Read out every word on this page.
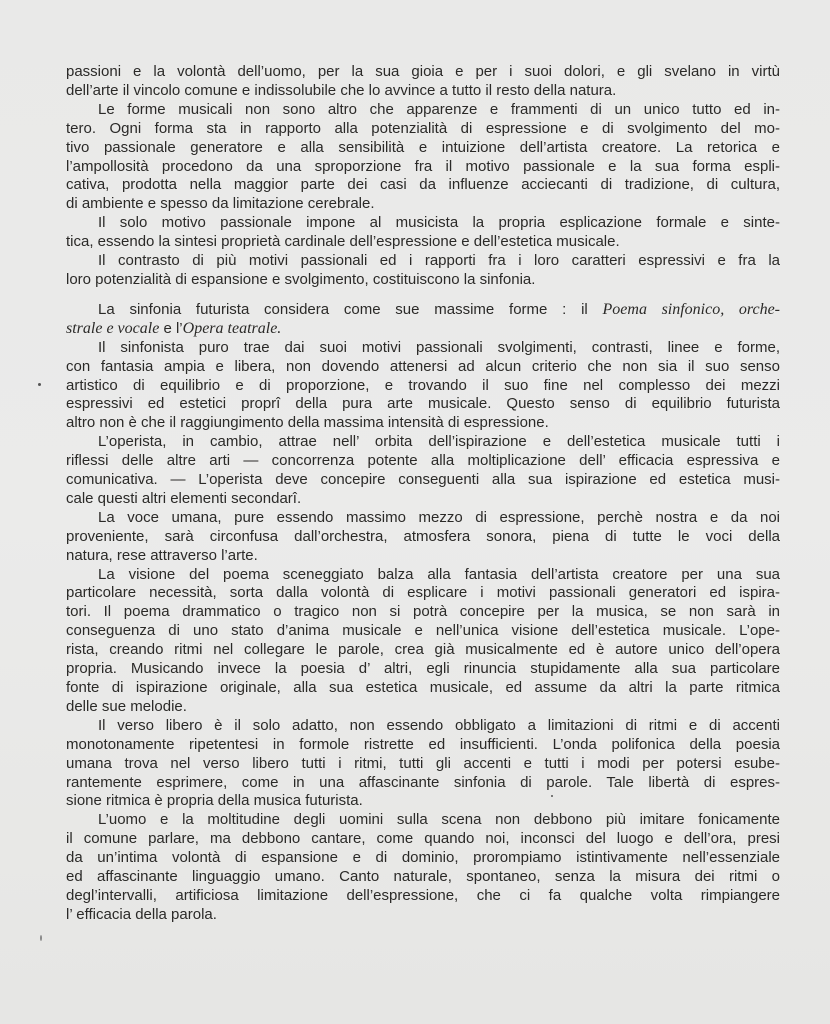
passioni e la volontà dell’uomo, per la sua gioia e per i suoi dolori, e gli svelano in virtù
dell’arte il vincolo comune e indissolubile che lo avvince a tutto il resto della natura.
Le forme musicali non sono altro che apparenze e frammenti di un unico tutto ed in-
tero. Ogni forma sta in rapporto alla potenzialità di espressione e di svolgimento del mo-
tivo passionale generatore e alla sensibilità e intuizione dell’artista creatore. La retorica e
l’ampollosità procedono da una sproporzione fra il motivo passionale e la sua forma espli-
cativa, prodotta nella maggior parte dei casi da influenze acciecanti di tradizione, di cultura,
di ambiente e spesso da limitazione cerebrale.
Il solo motivo passionale impone al musicista la propria esplicazione formale e sinte-
tica, essendo la sintesi proprietà cardinale dell’espressione e dell’estetica musicale.
Il contrasto di più motivi passionali ed i rapporti fra i loro caratteri espressivi e fra la
loro potenzialità di espansione e svolgimento, costituiscono la sinfonia.
La sinfonia futurista considera come sue massime forme : il Poema sinfonico, orche-
strale e vocale e l’Opera teatrale.
Il sinfonista puro trae dai suoi motivi passionali svolgimenti, contrasti, linee e forme,
con fantasia ampia e libera, non dovendo attenersi ad alcun criterio che non sia il suo senso
artistico di equilibrio e di proporzione, e trovando il suo fine nel complesso dei mezzi
espressivi ed estetici proprî della pura arte musicale. Questo senso di equilibrio futurista
altro non è che il raggiungimento della massima intensità di espressione.
L’operista, in cambio, attrae nell’ orbita dell’ispirazione e dell’estetica musicale tutti i
riflessi delle altre arti — concorrenza potente alla moltiplicazione dell’ efficacia espressiva e
comunicativa. — L’operista deve concepire conseguenti alla sua ispirazione ed estetica musi-
cale questi altri elementi secondarî.
La voce umana, pure essendo massimo mezzo di espressione, perchè nostra e da noi
proveniente, sarà circonfusa dall’orchestra, atmosfera sonora, piena di tutte le voci della
natura, rese attraverso l’arte.
La visione del poema sceneggiato balza alla fantasia dell’artista creatore per una sua
particolare necessità, sorta dalla volontà di esplicare i motivi passionali generatori ed ispira-
tori. Il poema drammatico o tragico non si potrà concepire per la musica, se non sarà in
conseguenza di uno stato d’anima musicale e nell’unica visione dell’estetica musicale. L’ope-
rista, creando ritmi nel collegare le parole, crea già musicalmente ed è autore unico dell’opera
propria. Musicando invece la poesia d’ altri, egli rinuncia stupidamente alla sua particolare
fonte di ispirazione originale, alla sua estetica musicale, ed assume da altri la parte ritmica
delle sue melodie.
Il verso libero è il solo adatto, non essendo obbligato a limitazioni di ritmi e di accenti
monotonamente ripetentesi in formole ristrette ed insufficienti. L’onda polifonica della poesia
umana trova nel verso libero tutti i ritmi, tutti gli accenti e tutti i modi per potersi esube-
rantemente esprimere, come in una affascinante sinfonia di parole. Tale libertà di espres-
sione ritmica è propria della musica futurista.
L’uomo e la moltitudine degli uomini sulla scena non debbono più imitare fonicamente
il comune parlare, ma debbono cantare, come quando noi, inconsci del luogo e dell’ora, presi
da un’intima volontà di espansione e di dominio, prorompiamo istintivamente nell’essenziale
ed affascinante linguaggio umano. Canto naturale, spontaneo, senza la misura dei ritmi o
degl’intervalli, artificiosa limitazione dell’espressione, che ci fa qualche volta rimpiangere
l’ efficacia della parola.
